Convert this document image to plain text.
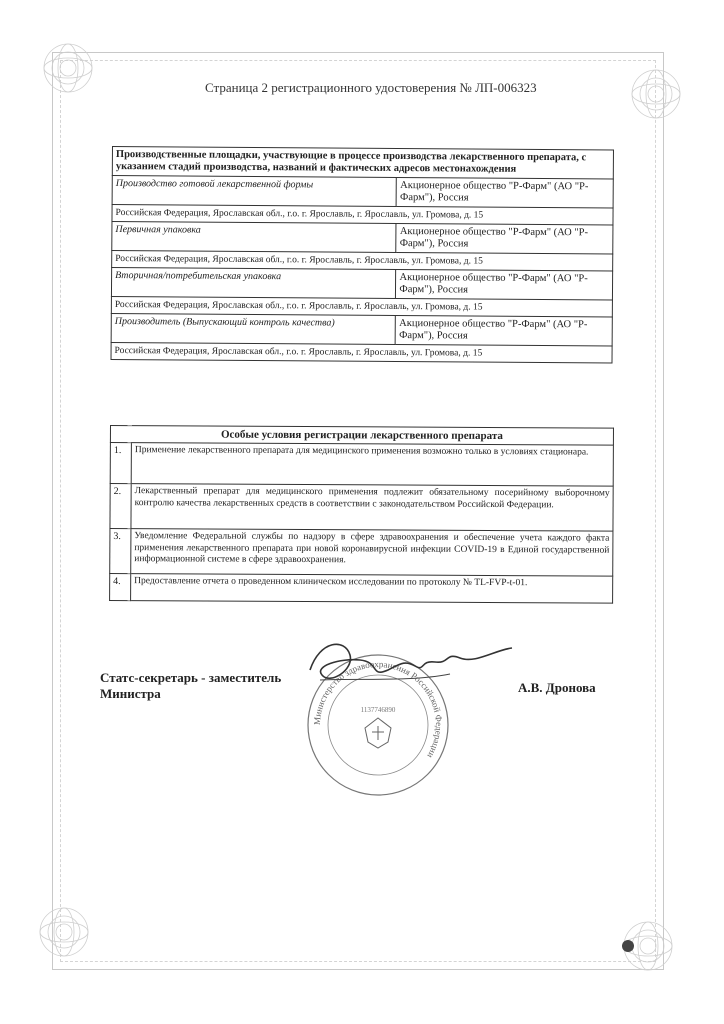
Страница 2 регистрационного удостоверения № ЛП-006323
Производственные площадки, участвующие в процессе производства лекарственного препарата, с указанием стадий производства, названий и фактических адресов местонахождения	
Производство готовой лекарственной формы	Акционерное общество "Р-Фарм" (АО "Р-Фарм"), Россия
Российская Федерация, Ярославская обл., г.о. г. Ярославль, г. Ярославль, ул. Громова, д. 15	
Первичная упаковка	Акционерное общество "Р-Фарм" (АО "Р-Фарм"), Россия
Российская Федерация, Ярославская обл., г.о. г. Ярославль, г. Ярославль, ул. Громова, д. 15	
Вторичная/потребительская упаковка	Акционерное общество "Р-Фарм" (АО "Р-Фарм"), Россия
Российская Федерация, Ярославская обл., г.о. г. Ярославль, г. Ярославль, ул. Громова, д. 15	
Производитель (Выпускающий контроль качества)	Акционерное общество "Р-Фарм" (АО "Р-Фарм"), Россия
Российская Федерация, Ярославская обл., г.о. г. Ярославль, г. Ярославль, ул. Громова, д. 15	
Особые условия регистрации лекарственного препарата	
1.	Применение лекарственного препарата для медицинского применения возможно только в условиях стационара.
2.	Лекарственный препарат для медицинского применения подлежит обязательному посерийному выборочному контролю качества лекарственных средств в соответствии с законодательством Российской Федерации.
3.	Уведомление Федеральной службы по надзору в сфере здравоохранения и обеспечение учета каждого факта применения лекарственного препарата при новой коронавирусной инфекции COVID-19 в Единой государственной информационной системе в сфере здравоохранения.
4.	Предоставление отчета о проведенном клиническом исследовании по протоколу № TL-FVP-t-01.
Статс-секретарь - заместитель
Министра	А.В. Дронова
Министерство здравоохранения Российской Федерации
1137746890
